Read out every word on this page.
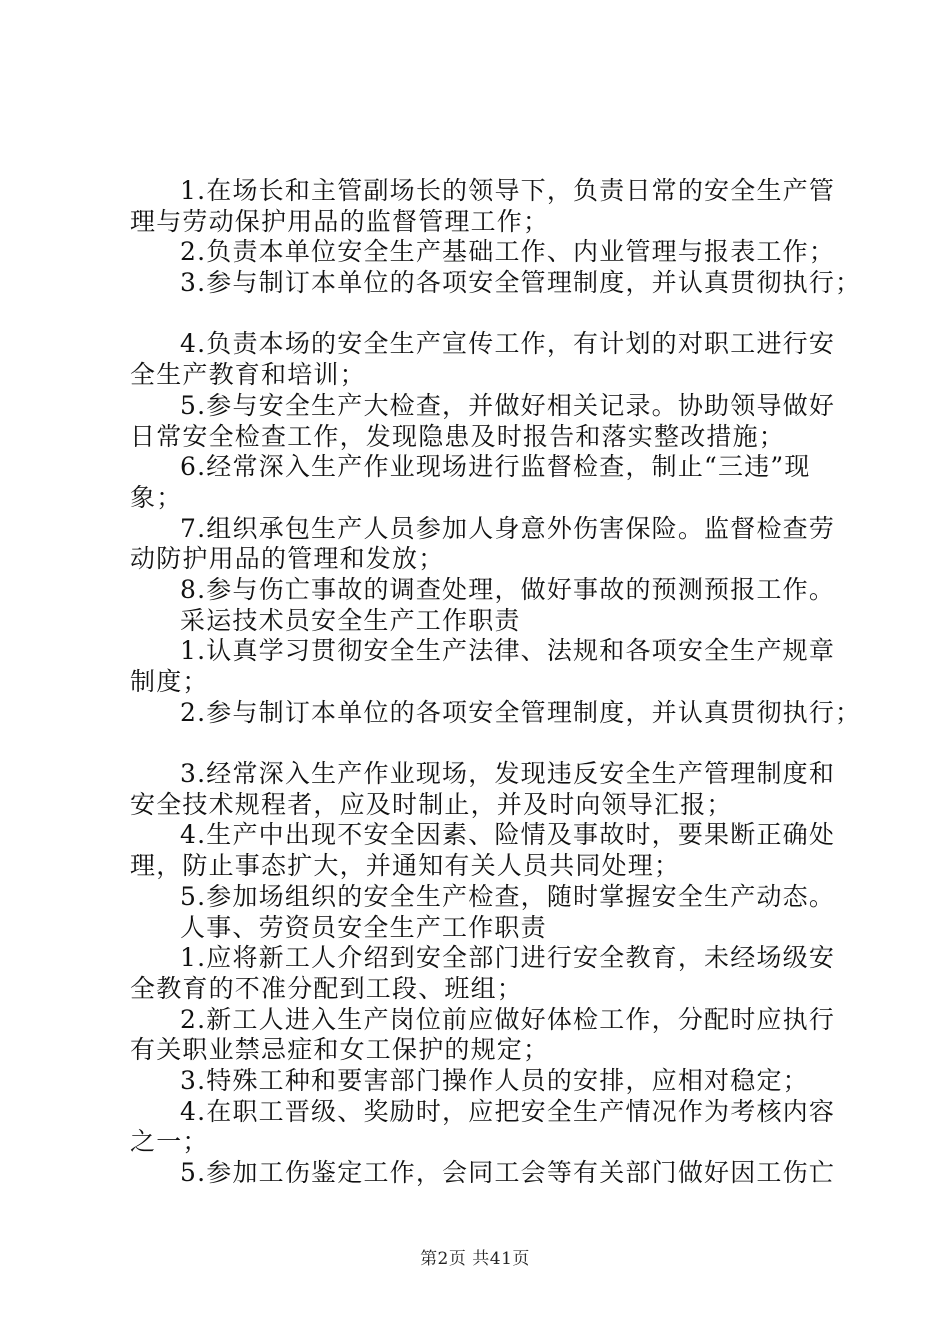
1.在场长和主管副场长的领导下，负责日常的安全生产管
理与劳动保护用品的监督管理工作；
2.负责本单位安全生产基础工作、内业管理与报表工作；
3.参与制订本单位的各项安全管理制度，并认真贯彻执行；
4.负责本场的安全生产宣传工作，有计划的对职工进行安
全生产教育和培训；
5.参与安全生产大检查，并做好相关记录。协助领导做好
日常安全检查工作，发现隐患及时报告和落实整改措施；
6.经常深入生产作业现场进行监督检查，制止“三违”现
象；
7.组织承包生产人员参加人身意外伤害保险。监督检查劳
动防护用品的管理和发放；
8.参与伤亡事故的调查处理，做好事故的预测预报工作。
采运技术员安全生产工作职责
1.认真学习贯彻安全生产法律、法规和各项安全生产规章
制度；
2.参与制订本单位的各项安全管理制度，并认真贯彻执行；
3.经常深入生产作业现场，发现违反安全生产管理制度和
安全技术规程者，应及时制止，并及时向领导汇报；
4.生产中出现不安全因素、险情及事故时，要果断正确处
理，防止事态扩大，并通知有关人员共同处理；
5.参加场组织的安全生产检查，随时掌握安全生产动态。
人事、劳资员安全生产工作职责
1.应将新工人介绍到安全部门进行安全教育，未经场级安
全教育的不准分配到工段、班组；
2.新工人进入生产岗位前应做好体检工作，分配时应执行
有关职业禁忌症和女工保护的规定；
3.特殊工种和要害部门操作人员的安排，应相对稳定；
4.在职工晋级、奖励时，应把安全生产情况作为考核内容
之一；
5.参加工伤鉴定工作，会同工会等有关部门做好因工伤亡
第2页 共41页
